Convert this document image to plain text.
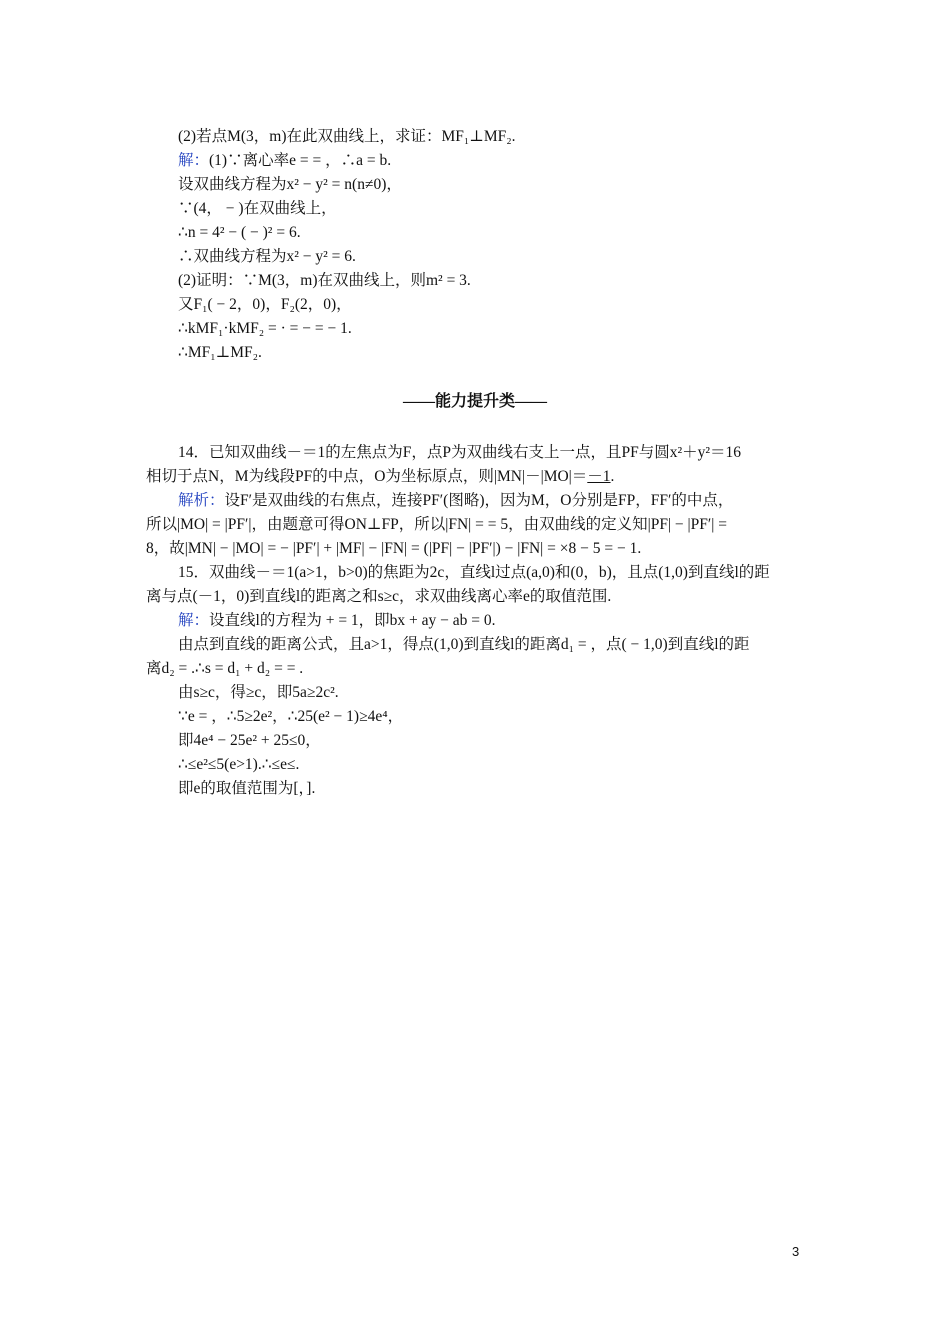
(2)若点M(3，m)在此双曲线上，求证：MF₁⊥MF₂.
解：(1)∵离心率e = = ，∴a = b.
设双曲线方程为x² − y² = n(n≠0)，
∵(4， − )在双曲线上，
∴n = 4² − ( − )² = 6.
∴双曲线方程为x² − y² = 6.
(2)证明：∵M(3，m)在双曲线上，则m² = 3.
又F₁( − 2，0)，F₂(2，0)，
∴kMF₁·kMF₂ = · = − = − 1.
∴MF₁⊥MF₂.
——能力提升类——
14．已知双曲线－＝1的左焦点为F，点P为双曲线右支上一点，且PF与圆x²＋y²＝16
相切于点N，M为线段PF的中点，O为坐标原点，则|MN|－|MO|＝－1.
解析：设F′是双曲线的右焦点，连接PF′(图略)，因为M，O分别是FP，FF′的中点，
所以|MO| = |PF′|，由题意可得ON⊥FP，所以|FN| = = 5，由双曲线的定义知|PF| − |PF′| =
8，故|MN| − |MO| = − |PF′| + |MF| − |FN| = (|PF| − |PF′|) − |FN| = ×8 − 5 = − 1.
15．双曲线－＝1(a>1，b>0)的焦距为2c，直线l过点(a,0)和(0，b)，且点(1,0)到直线l的距
离与点(－1，0)到直线l的距离之和s≥c，求双曲线离心率e的取值范围.
解：设直线l的方程为 + = 1，即bx + ay − ab = 0.
由点到直线的距离公式，且a>1，得点(1,0)到直线l的距离d₁ = ，点( − 1,0)到直线l的距
离d₂ = .∴s = d₁ + d₂ = = .
由s≥c，得≥c，即5a≥2c².
∵e = ，∴5≥2e²，∴25(e² − 1)≥4e⁴，
即4e⁴ − 25e² + 25≤0，
∴≤e²≤5(e>1).∴≤e≤.
即e的取值范围为[，].
3
